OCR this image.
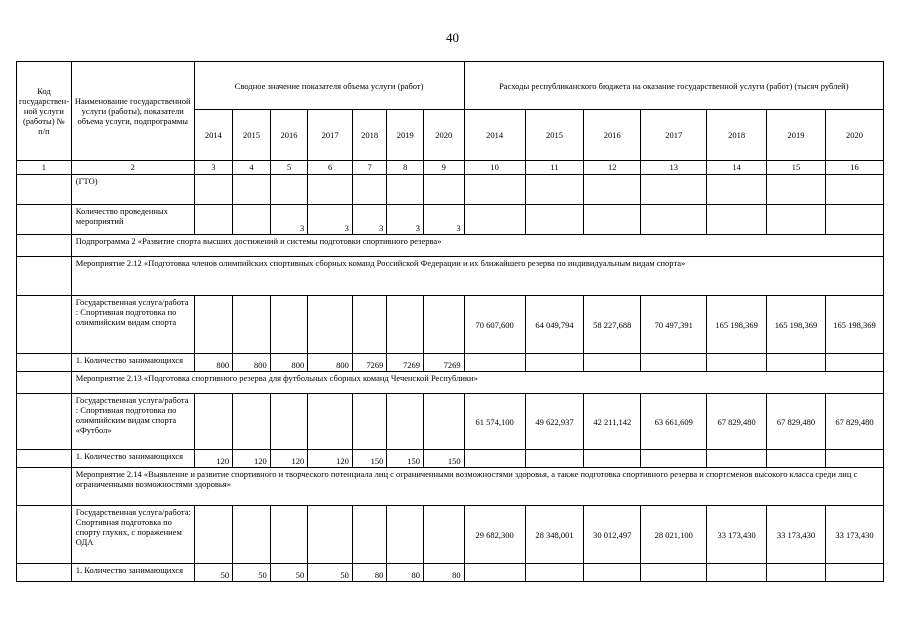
40
Код государствен-ной услуги (работы) № п/п	Наименование государственной услуги (работы), показатели объема услуги, подпрограммы	Сводное значение показателя объема услуги (работ)							Расходы республиканского бюджета на оказание государственной услуги (работ) (тысяч рублей)						
		2014	2015	2016	2017	2018	2019	2020	2014	2015	2016	2017	2018	2019	2020
1	2	3	4	5	6	7	8	9	10	11	12	13	14	15	16
	(ГТО)														
	Количество проведенных мероприятий			3	3	3	3	3							
	Подпрограмма 2 «Развитие спорта высших достижений и системы подготовки спортивного резерва»														
	Мероприятие 2.12 «Подготовка членов олимпийских спортивных сборных команд Российской Федерации и их ближайшего резерва по индивидуальным видам спорта»														
	Государственная услуга/работа : Спортивная подготовка по олимпийским видам спорта								70 607,600	64 049,794	58 227,688	70 497,391	165 198,369	165 198,369	165 198,369
	1. Количество занимающихся	800	800	800	800	7269	7269	7269							
	Мероприятие 2.13 «Подготовка спортивного резерва для футбольных сборных команд Чеченской Республики»														
	Государственная услуга/работа : Спортивная подготовка по олимпийским видам спорта «Футбол»								61 574,100	49 622,937	42 211,142	63 661,609	67 829,480	67 829,480	67 829,480
	1. Количество занимающихся	120	120	120	120	150	150	150							
	Мероприятие 2.14 «Выявление и развитие спортивного и творческого потенциала лиц с ограниченными возможностями здоровья, а также подготовка спортивного резерва и спортсменов высокого класса среди лиц с ограниченными возможностями здоровья»														
	Государственная услуга/работа: Спортивная подготовка по спорту глухих, с поражением ОДА								29 682,300	28 348,001	30 012,497	28 021,100	33 173,430	33 173,430	33 173,430
	1. Количество занимающихся	50	50	50	50	80	80	80							
